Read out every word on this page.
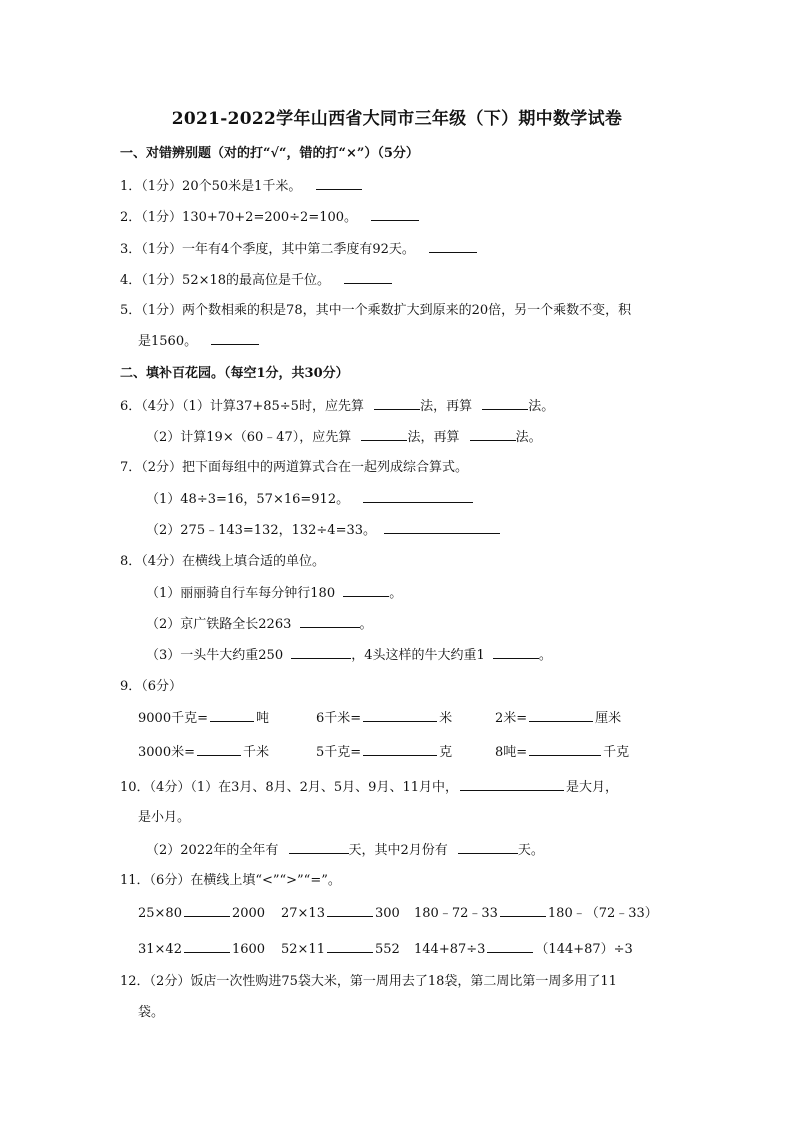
2021-2022学年山西省大同市三年级（下）期中数学试卷
一、对错辨别题（对的打“√“，错的打“×”）（5分）
1．（1分）20个50米是1千米。
2．（1分）130+70+2=200÷2=100。
3．（1分）一年有4个季度，其中第二季度有92天。
4．（1分）52×18的最高位是千位。
5．（1分）两个数相乘的积是78，其中一个乘数扩大到原来的20倍，另一个乘数不变，积
是1560。
二、填补百花园。（每空1分，共30分）
6．（4分）（1）计算37+85÷5时，应先算	法，再算	法。
（2）计算19×（60﹣47），应先算	法，再算	法。
7．（2分）把下面每组中的两道算式合在一起列成综合算式。
（1）48÷3=16，57×16=912。
（2）275﹣143=132，132÷4=33。
8．（4分）在横线上填合适的单位。
（1）丽丽骑自行车每分钟行180	。
（2）京广铁路全长2263	。
（3）一头牛大约重250	，4头这样的牛大约重1	。
9．（6分）
9000千克=	吨	6千米=	米	2米=	厘米
3000米=	千米	5千克=	克	8吨=	千克
10．（4分）（1）在3月、8月、2月、5月、9月、11月中，	是大月，
是小月。
（2）2022年的全年有	天，其中2月份有	天。
11．（6分）在横线上填“<”“>”“=”。
25×80	2000 27×13	300 180﹣72﹣33	180﹣（72﹣33）
31×42	1600 52×11	552 144+87÷3	（144+87）÷3
12．（2分）饭店一次性购进75袋大米，第一周用去了18袋，第二周比第一周多用了11
袋。
